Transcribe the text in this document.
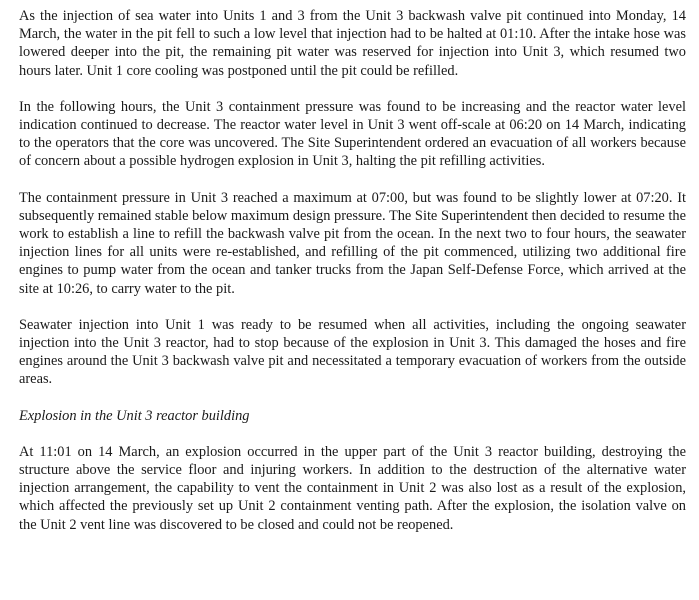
As the injection of sea water into Units 1 and 3 from the Unit 3 backwash valve pit continued into Monday, 14 March, the water in the pit fell to such a low level that injection had to be halted at 01:10. After the intake hose was lowered deeper into the pit, the remaining pit water was reserved for injection into Unit 3, which resumed two hours later. Unit 1 core cooling was postponed until the pit could be refilled.

In the following hours, the Unit 3 containment pressure was found to be increasing and the reactor water level indication continued to decrease. The reactor water level in Unit 3 went off-scale at 06:20 on 14 March, indicating to the operators that the core was uncovered. The Site Superintendent ordered an evacuation of all workers because of concern about a possible hydrogen explosion in Unit 3, halting the pit refilling activities.

The containment pressure in Unit 3 reached a maximum at 07:00, but was found to be slightly lower at 07:20. It subsequently remained stable below maximum design pressure. The Site Superintendent then decided to resume the work to establish a line to refill the backwash valve pit from the ocean. In the next two to four hours, the seawater injection lines for all units were re-established, and refilling of the pit commenced, utilizing two additional fire engines to pump water from the ocean and tanker trucks from the Japan Self-Defense Force, which arrived at the site at 10:26, to carry water to the pit.

Seawater injection into Unit 1 was ready to be resumed when all activities, including the ongoing seawater injection into the Unit 3 reactor, had to stop because of the explosion in Unit 3. This damaged the hoses and fire engines around the Unit 3 backwash valve pit and necessitated a temporary evacuation of workers from the outside areas.

Explosion in the Unit 3 reactor building

At 11:01 on 14 March, an explosion occurred in the upper part of the Unit 3 reactor building, destroying the structure above the service floor and injuring workers. In addition to the destruction of the alternative water injection arrangement, the capability to vent the containment in Unit 2 was also lost as a result of the explosion, which affected the previously set up Unit 2 containment venting path. After the explosion, the isolation valve on the Unit 2 vent line was discovered to be closed and could not be reopened.
